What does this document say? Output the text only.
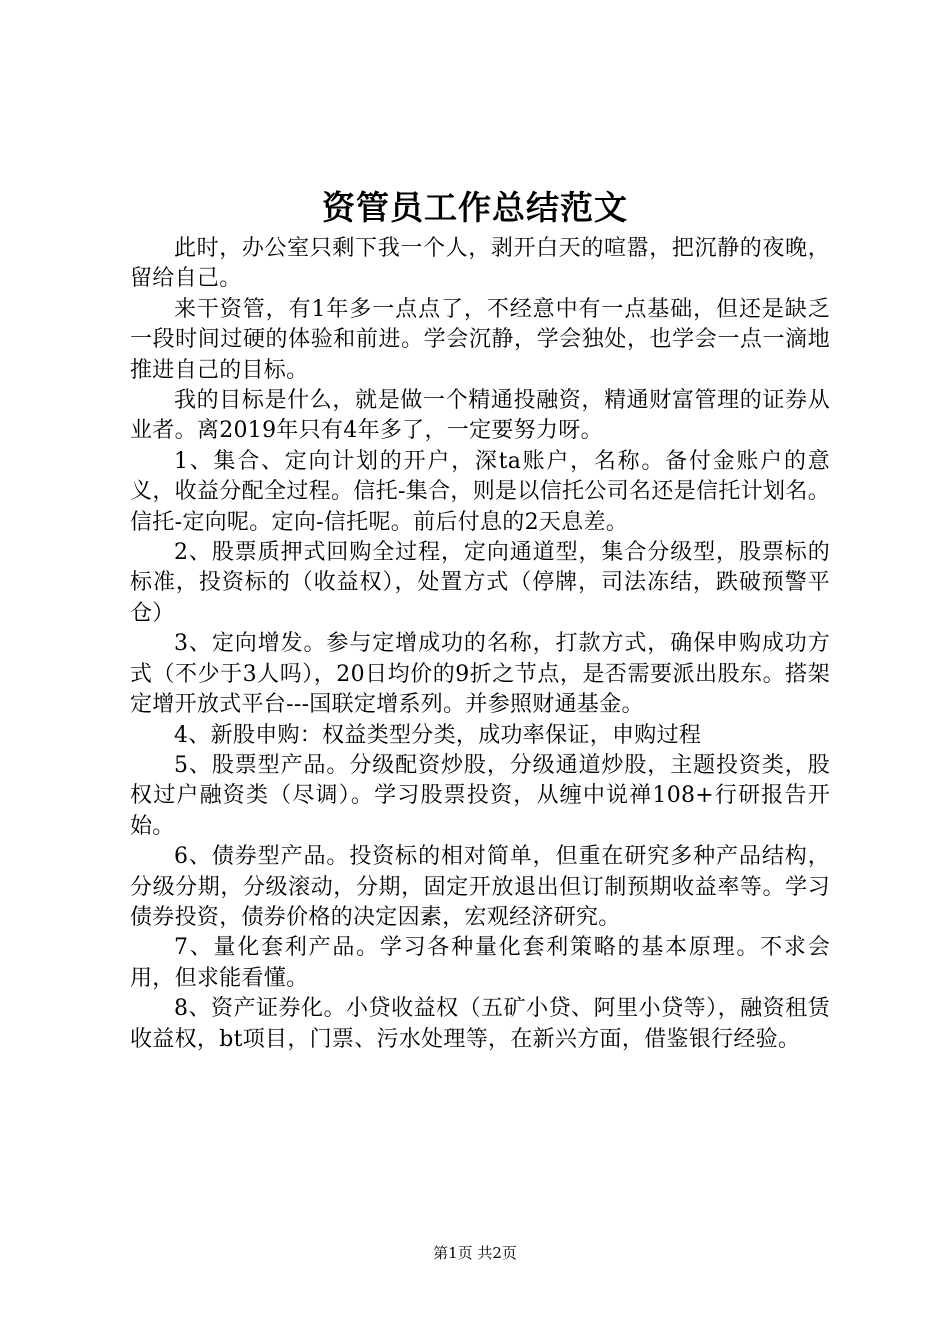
资管员工作总结范文

此时，办公室只剩下我一个人，剥开白天的喧嚣，把沉静的夜晚，留给自己。

来干资管，有1年多一点点了，不经意中有一点基础，但还是缺乏一段时间过硬的体验和前进。学会沉静，学会独处，也学会一点一滴地推进自己的目标。

我的目标是什么，就是做一个精通投融资，精通财富管理的证券从业者。离2019年只有4年多了，一定要努力呀。

1、集合、定向计划的开户，深ta账户，名称。备付金账户的意义，收益分配全过程。信托-集合，则是以信托公司名还是信托计划名。信托-定向呢。定向-信托呢。前后付息的2天息差。

2、股票质押式回购全过程，定向通道型，集合分级型，股票标的标准，投资标的（收益权），处置方式（停牌，司法冻结，跌破预警平仓）

3、定向增发。参与定增成功的名称，打款方式，确保申购成功方式（不少于3人吗），20日均价的9折之节点，是否需要派出股东。搭架定增开放式平台---国联定增系列。并参照财通基金。

4、新股申购：权益类型分类，成功率保证，申购过程

5、股票型产品。分级配资炒股，分级通道炒股，主题投资类，股权过户融资类（尽调）。学习股票投资，从缠中说禅108+行研报告开始。

6、债券型产品。投资标的相对简单，但重在研究多种产品结构，分级分期，分级滚动，分期，固定开放退出但订制预期收益率等。学习债券投资，债券价格的决定因素，宏观经济研究。

7、量化套利产品。学习各种量化套利策略的基本原理。不求会用，但求能看懂。

8、资产证券化。小贷收益权（五矿小贷、阿里小贷等），融资租赁收益权，bt项目，门票、污水处理等，在新兴方面，借鉴银行经验。

第1页 共2页
